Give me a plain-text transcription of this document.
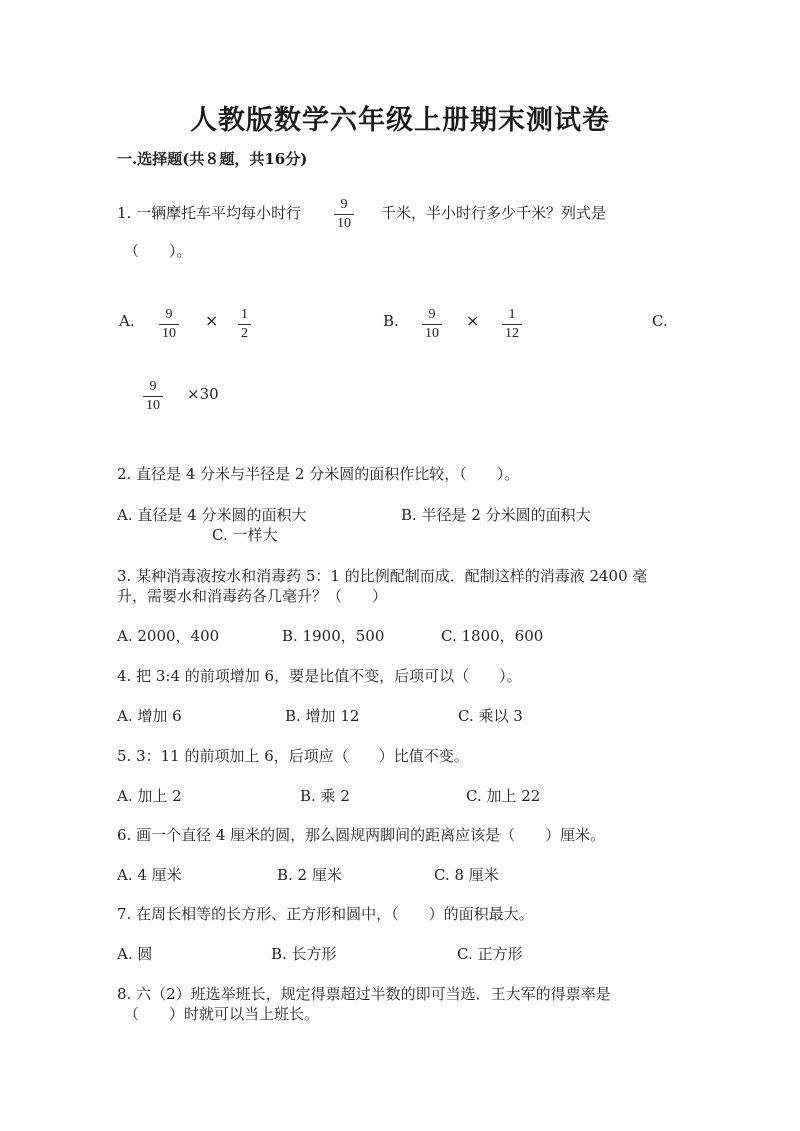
人教版数学六年级上册期末测试卷
一.选择题(共８题，共16分)
1. 一辆摩托车平均每小时行 $\frac{9}{10}$ 千米，半小时行多少千米？列式是
（　　）。
A. $\frac{9}{10} \times \frac{1}{2}$	B. $\frac{9}{10} \times \frac{1}{12}$	C.
$\frac{9}{10} \times 30$
2. 直径是 4 分米与半径是 2 分米圆的面积作比较，（　　）。
A. 直径是 4 分米圆的面积大	B. 半径是 2 分米圆的面积大
C. 一样大
3. 某种消毒液按水和消毒药 5：1 的比例配制而成．配制这样的消毒液 2400 毫
升，需要水和消毒药各几毫升？（　　）
A. 2000，400	B. 1900，500	C. 1800，600
4. 把 3:4 的前项增加 6，要是比值不变，后项可以（　　）。
A. 增加 6	B. 增加 12	C. 乘以 3
5. 3：11 的前项加上 6，后项应（　　）比值不变。
A. 加上 2	B. 乘 2	C. 加上 22
6. 画一个直径 4 厘米的圆，那么圆规两脚间的距离应该是（　　）厘米。
A. 4 厘米	B. 2 厘米	C. 8 厘米
7. 在周长相等的长方形、正方形和圆中，（　　）的面积最大。
A. 圆	B. 长方形	C. 正方形
8. 六（2）班选举班长，规定得票超过半数的即可当选．王大军的得票率是
（　　）时就可以当上班长。
